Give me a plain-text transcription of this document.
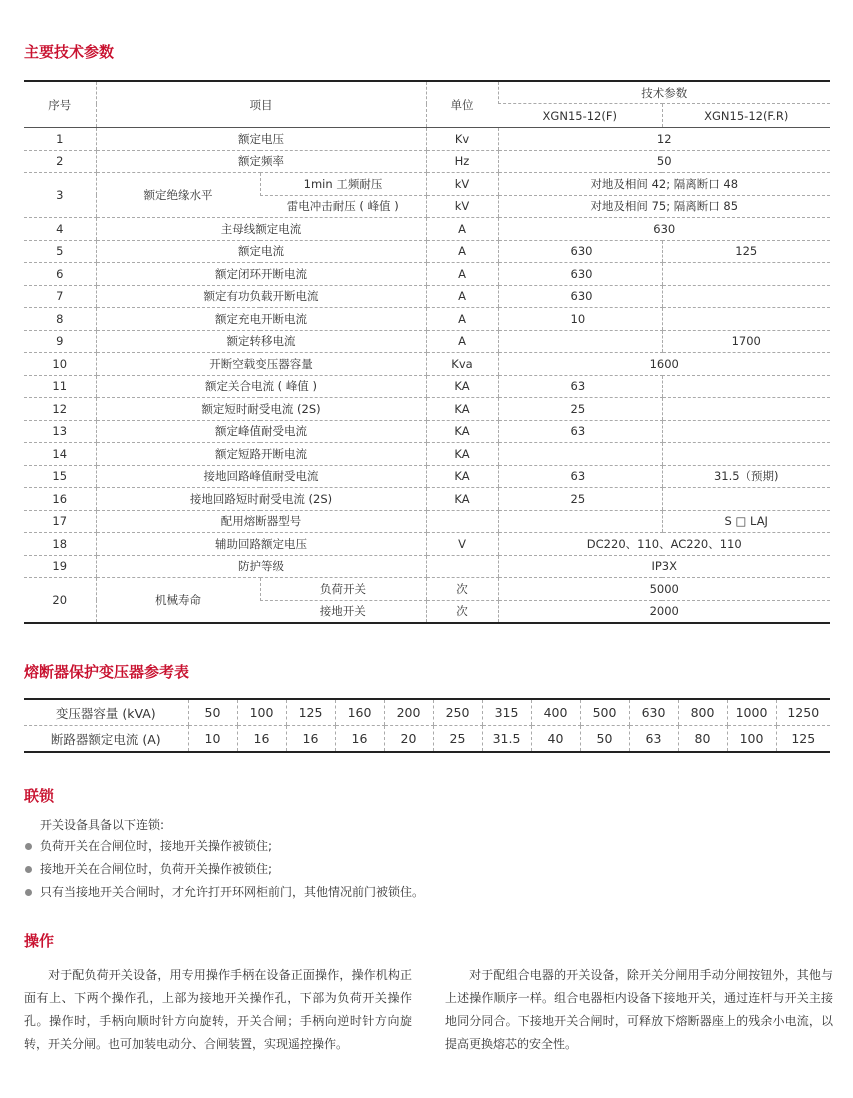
主要技术参数
序号	项目		单位	技术参数	
				XGN15-12(F)	XGN15-12(F.R)
1	额定电压		Kv	12	
2	额定频率		Hz	50	
3	额定绝缘水平	1min 工频耐压	kV	对地及相间 42; 隔离断口 48	
		雷电冲击耐压 ( 峰值 )	kV	对地及相间 75; 隔离断口 85	
4	主母线额定电流		A	630	
5	额定电流		A	630	125
6	额定闭环开断电流		A	630	
7	额定有功负载开断电流		A	630	
8	额定充电开断电流		A	10	
9	额定转移电流		A		1700
10	开断空载变压器容量		Kva	1600	
11	额定关合电流 ( 峰值 )		KA	63	
12	额定短时耐受电流 (2S)		KA	25	
13	额定峰值耐受电流		KA	63	
14	额定短路开断电流		KA		
15	接地回路峰值耐受电流		KA	63	31.5（预期)
16	接地回路短时耐受电流 (2S)		KA	25	
17	配用熔断器型号				S □ LAJ
18	辅助回路额定电压		V	DC220、110、AC220、110	
19	防护等级			IP3X	
20	机械寿命	负荷开关	次	5000	
		接地开关	次	2000	
熔断器保护变压器参考表
变压器容量 (kVA)	50	100	125	160	200	250	315	400	500	630	800	1000	1250
断路器额定电流 (A)	10	16	16	16	20	25	31.5	40	50	63	80	100	125
联锁
开关设备具备以下连锁:
负荷开关在合闸位时，接地开关操作被锁住;
接地开关在合闸位时，负荷开关操作被锁住;
只有当接地开关合闸时，才允许打开环网柜前门，其他情况前门被锁住。
操作

对于配负荷开关设备，用专用操作手柄在设备正面操作，操作机构正面有上、下两个操作孔，上部为接地开关操作孔，下部为负荷开关操作孔。操作时，手柄向顺时针方向旋转，开关合闸；手柄向逆时针方向旋转，开关分闸。也可加装电动分、合闸装置，实现遥控操作。

对于配组合电器的开关设备，除开关分闸用手动分闸按钮外，其他与上述操作顺序一样。组合电器柜内设备下接地开关，通过连杆与开关主接地同分同合。下接地开关合闸时，可释放下熔断器座上的残余小电流，以提高更换熔芯的安全性。
